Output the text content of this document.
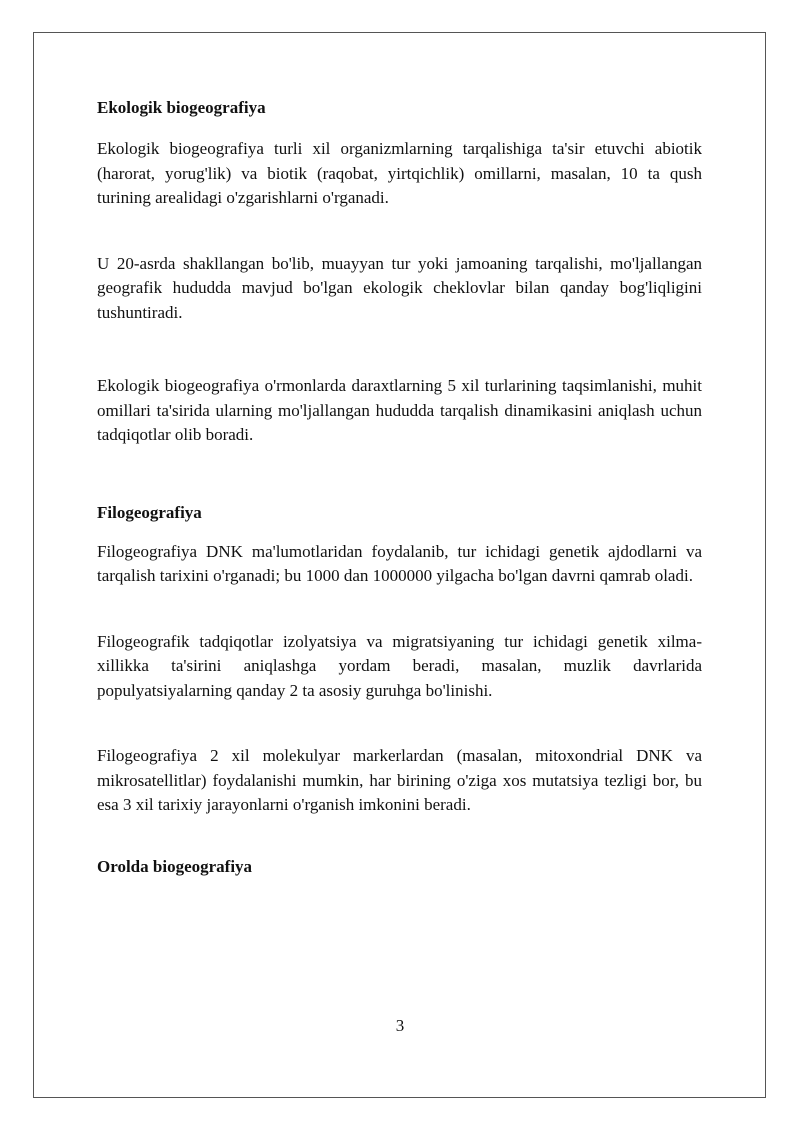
Ekologik biogeografiya

Ekologik biogeografiya turli xil organizmlarning tarqalishiga ta'sir etuvchi abiotik (harorat, yorug'lik) va biotik (raqobat, yirtqichlik) omillarni, masalan, 10 ta qush turining arealidagi o'zgarishlarni o'rganadi.

U 20-asrda shakllangan bo'lib, muayyan tur yoki jamoaning tarqalishi, mo'ljallangan geografik hududda mavjud bo'lgan ekologik cheklovlar bilan qanday bog'liqligini tushuntiradi.

Ekologik biogeografiya o'rmonlarda daraxtlarning 5 xil turlarining taqsimlanishi, muhit omillari ta'sirida ularning mo'ljallangan hududda tarqalish dinamikasini aniqlash uchun tadqiqotlar olib boradi.

Filogeografiya

Filogeografiya DNK ma'lumotlaridan foydalanib, tur ichidagi genetik ajdodlarni va tarqalish tarixini o'rganadi; bu 1000 dan 1000000 yilgacha bo'lgan davrni qamrab oladi.

Filogeografik tadqiqotlar izolyatsiya va migratsiyaning tur ichidagi genetik xilma-xillikka ta'sirini aniqlashga yordam beradi, masalan, muzlik davrlarida populyatsiyalarning qanday 2 ta asosiy guruhga bo'linishi.

Filogeografiya 2 xil molekulyar markerlardan (masalan, mitoxondrial DNK va mikrosatellitlar) foydalanishi mumkin, har birining o'ziga xos mutatsiya tezligi bor, bu esa 3 xil tarixiy jarayonlarni o'rganish imkonini beradi.

Orolda biogeografiya

3
